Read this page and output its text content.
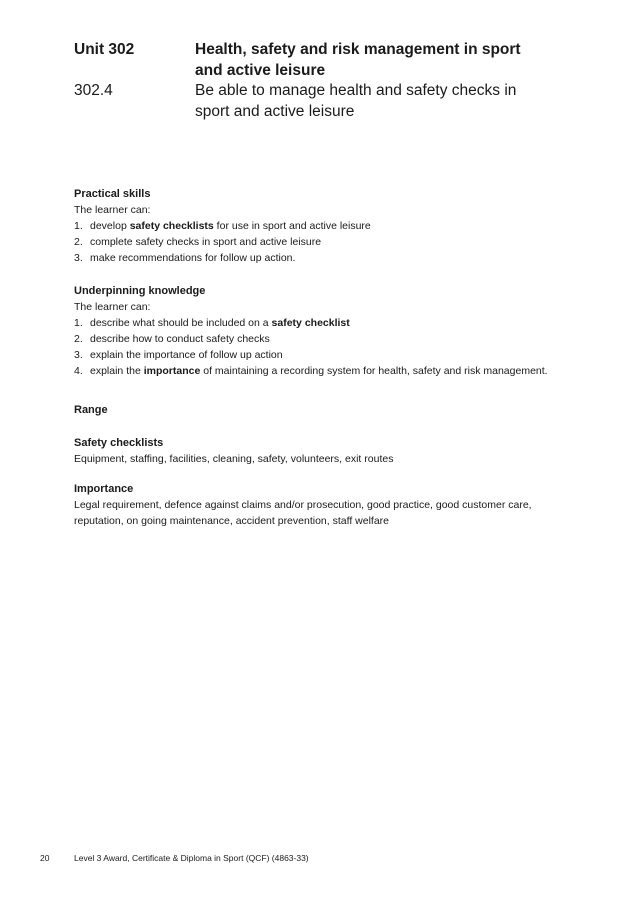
Unit 302	Health, safety and risk management in sport
and active leisure
302.4	Be able to manage health and safety checks in
sport and active leisure

Practical skills

The learner can:

1. develop safety checklists for use in sport and active leisure
2. complete safety checks in sport and active leisure
3. make recommendations for follow up action.

Underpinning knowledge

The learner can:

1. describe what should be included on a safety checklist
2. describe how to conduct safety checks
3. explain the importance of follow up action
4. explain the importance of maintaining a recording system for health, safety and risk management.

Range

Safety checklists

Equipment, staffing, facilities, cleaning, safety, volunteers, exit routes

Importance

Legal requirement, defence against claims and/or prosecution, good practice, good customer care, reputation, on going maintenance, accident prevention, staff welfare

20	Level 3 Award, Certificate & Diploma in Sport (QCF) (4863-33)
